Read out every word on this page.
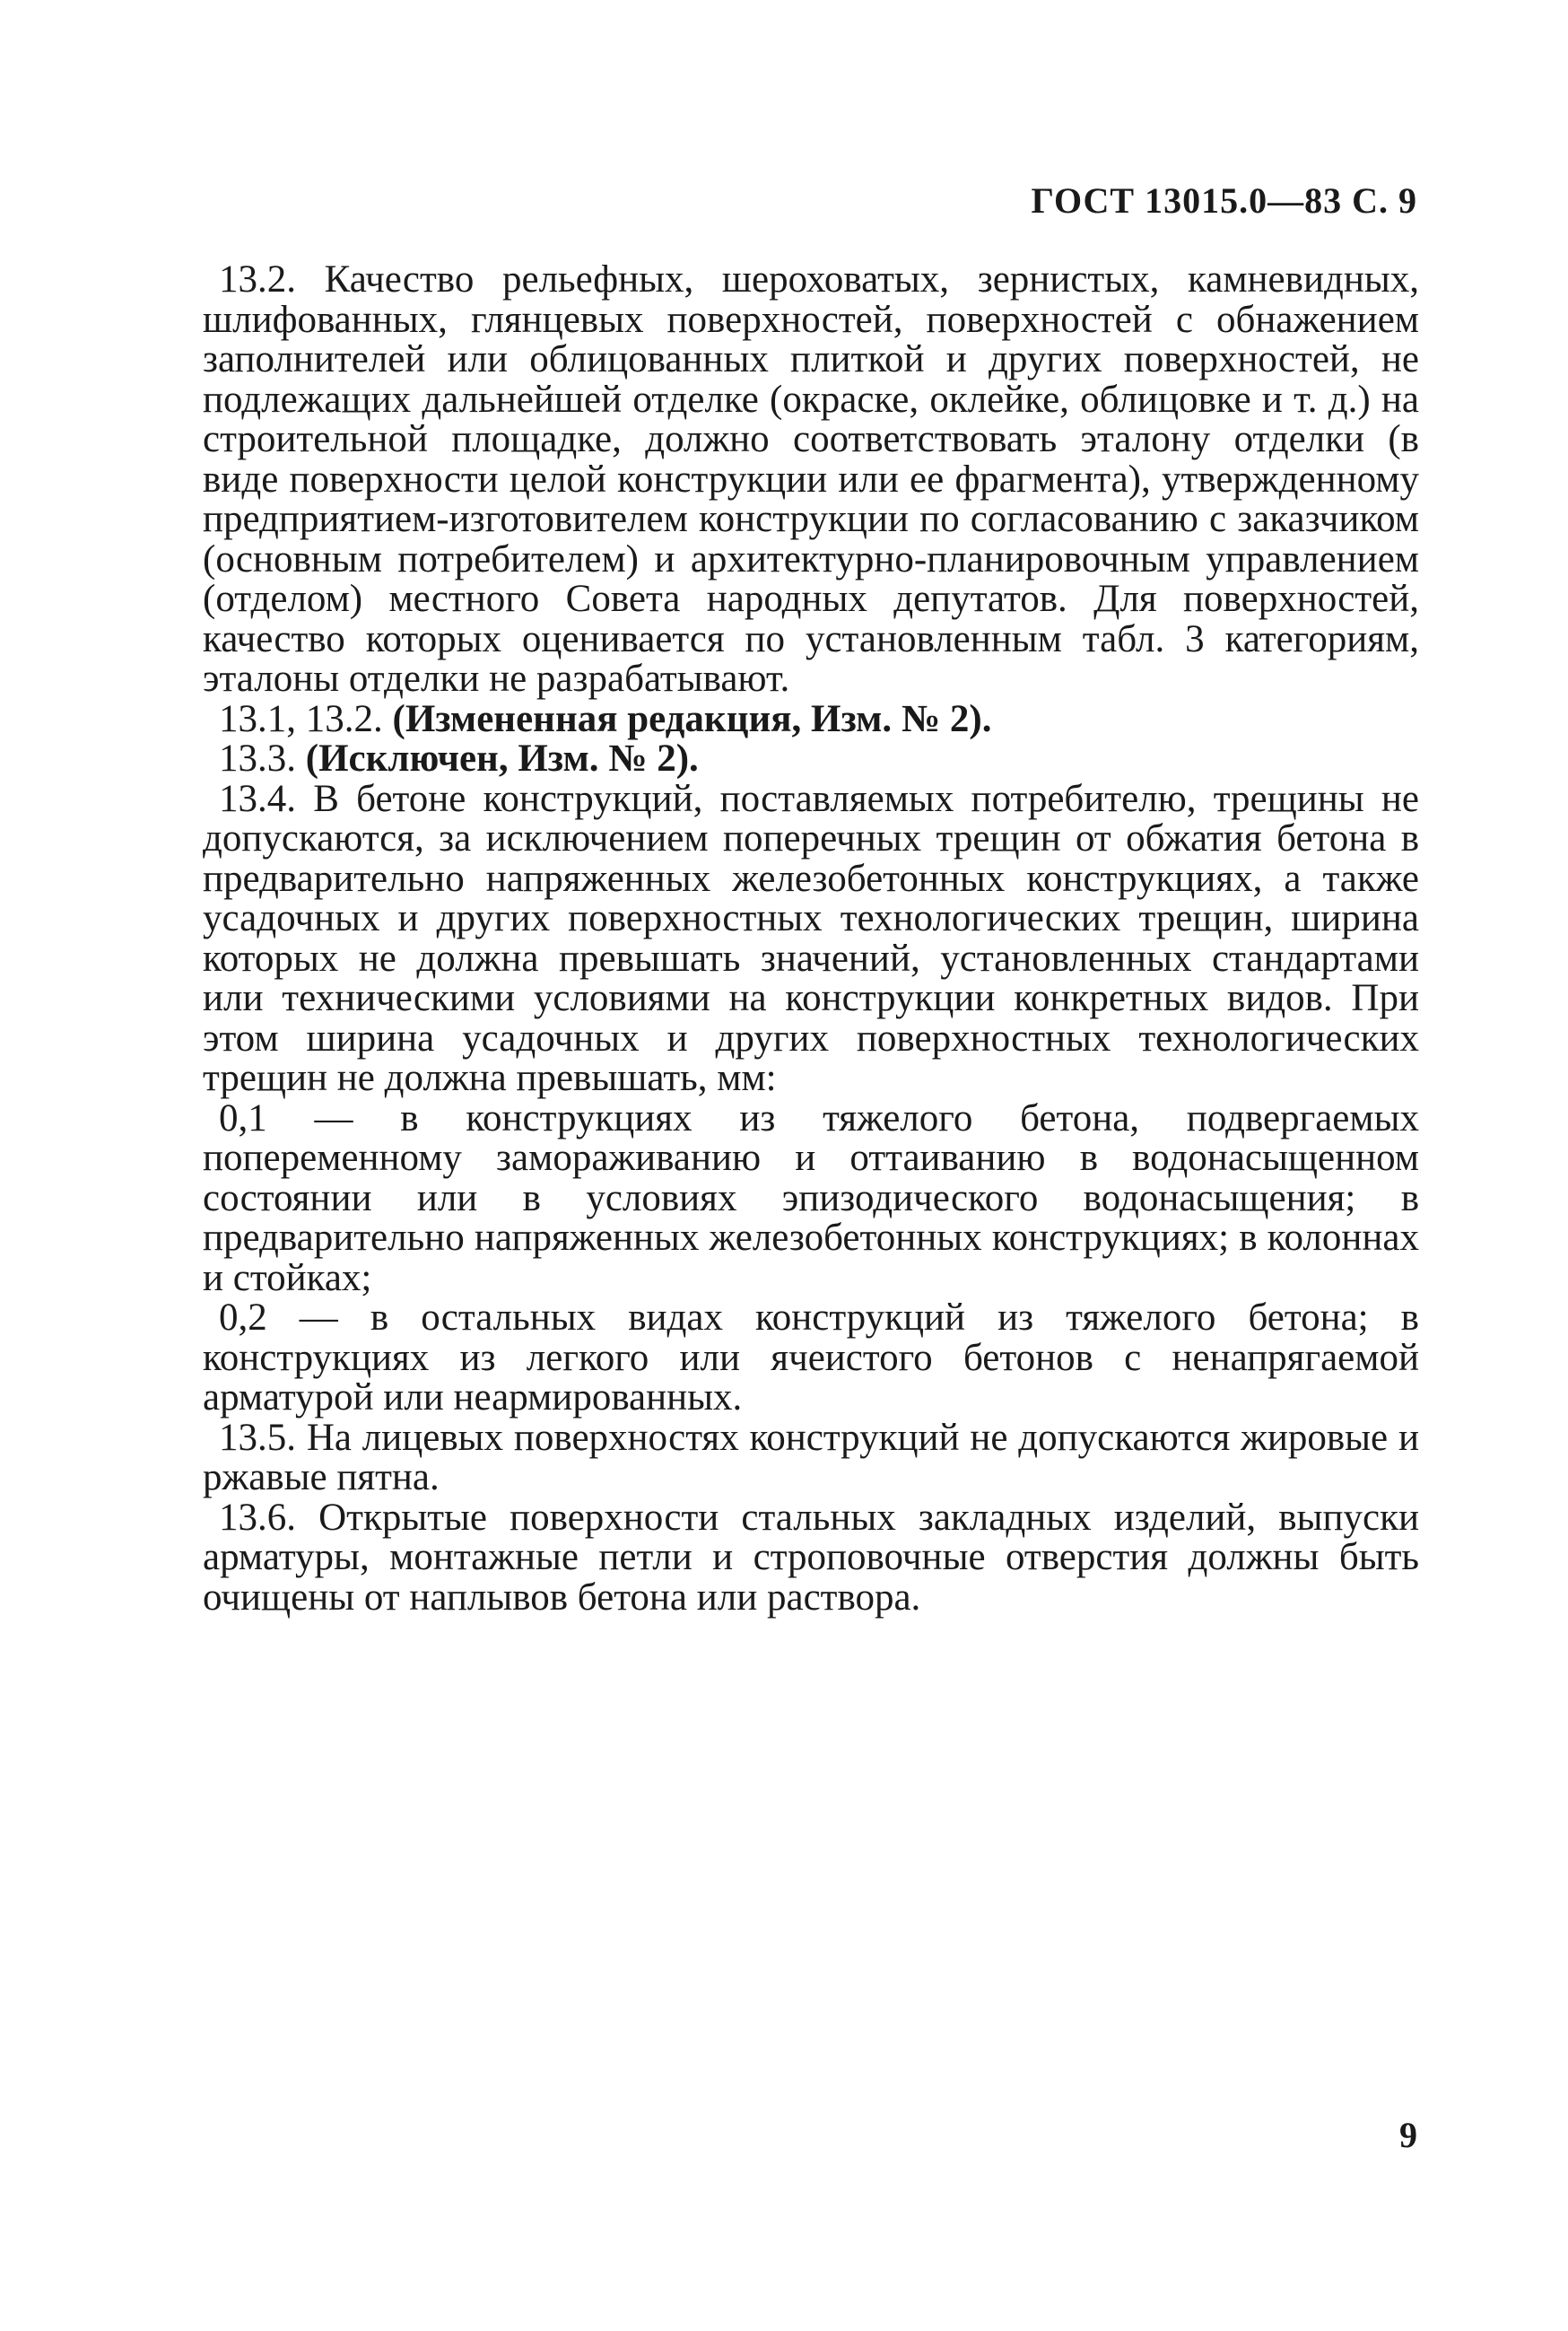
ГОСТ 13015.0—83 С. 9

13.2. Качество рельефных, шероховатых, зернистых, камневидных, шлифованных, глянцевых поверхностей, поверхностей с обнажением заполнителей или облицованных плиткой и других поверхностей, не подлежащих дальнейшей отделке (окраске, оклейке, облицовке и т. д.) на строительной площадке, должно соответствовать эталону отделки (в виде поверхности целой конструкции или ее фрагмента), утвержденному предприятием-изготовителем конструкции по согласованию с заказчиком (основным потребителем) и архитектурно-планировочным управлением (отделом) местного Совета народных депутатов. Для поверхностей, качество которых оценивается по установленным табл. 3 категориям, эталоны отделки не разрабатывают.

13.1, 13.2. (Измененная редакция, Изм. № 2).

13.3. (Исключен, Изм. № 2).

13.4. В бетоне конструкций, поставляемых потребителю, трещины не допускаются, за исключением поперечных трещин от обжатия бетона в предварительно напряженных железобетонных конструкциях, а также усадочных и других поверхностных технологических трещин, ширина которых не должна превышать значений, установленных стандартами или техническими условиями на конструкции конкретных видов. При этом ширина усадочных и других поверхностных технологических трещин не должна превышать, мм:

0,1 — в конструкциях из тяжелого бетона, подвергаемых попеременному замораживанию и оттаиванию в водонасыщенном состоянии или в условиях эпизодического водонасыщения; в предварительно напряженных железобетонных конструкциях; в колоннах и стойках;

0,2 — в остальных видах конструкций из тяжелого бетона; в конструкциях из легкого или ячеистого бетонов с ненапрягаемой арматурой или неармированных.

13.5. На лицевых поверхностях конструкций не допускаются жировые и ржавые пятна.

13.6. Открытые поверхности стальных закладных изделий, выпуски арматуры, монтажные петли и строповочные отверстия должны быть очищены от наплывов бетона или раствора.

9
